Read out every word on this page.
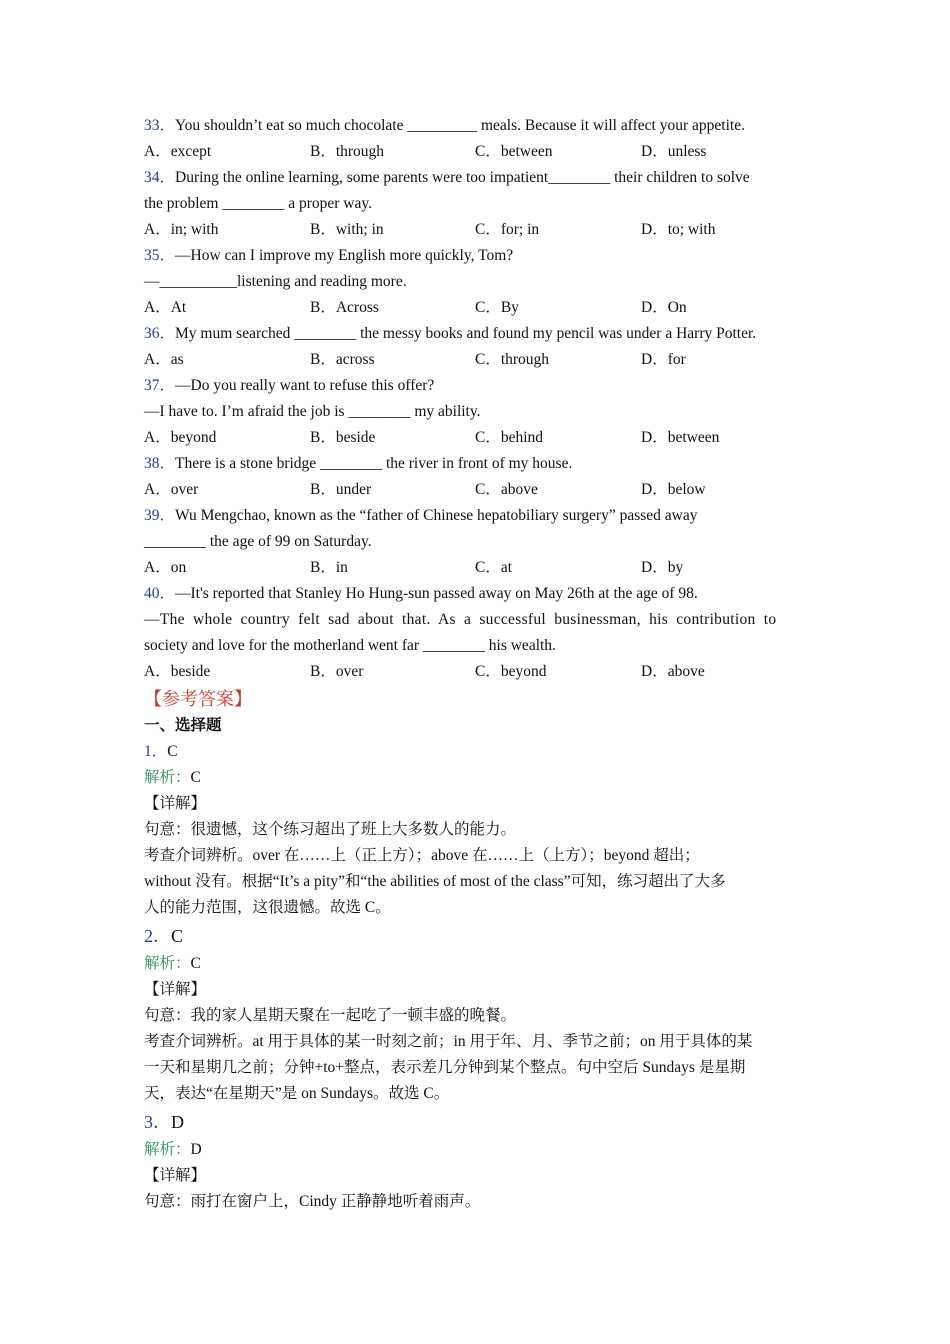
33．You shouldn’t eat so much chocolate _________ meals. Because it will affect your appetite.
A．except	B．through	C．between	D．unless
34．During the online learning, some parents were too impatient________ their children to solve
the problem ________ a proper way.
A．in; with	B．with; in	C．for; in	D．to; with
35．—How can I improve my English more quickly, Tom?
—__________listening and reading more.
A．At	B．Across	C．By	D．On
36．My mum searched ________ the messy books and found my pencil was under a Harry Potter.
A．as	B．across	C．through	D．for
37．—Do you really want to refuse this offer?
—I have to. I’m afraid the job is ________ my ability.
A．beyond	B．beside	C．behind	D．between
38．There is a stone bridge ________ the river in front of my house.
A．over	B．under	C．above	D．below
39．Wu Mengchao, known as the “father of Chinese hepatobiliary surgery” passed away
________ the age of 99 on Saturday.
A．on	B．in	C．at	D．by
40．—It's reported that Stanley Ho Hung-sun passed away on May 26th at the age of 98.
—The whole country felt sad about that. As a successful businessman, his contribution to
society and love for the motherland went far ________ his wealth.
A．beside	B．over	C．beyond	D．above
【参考答案】
一、选择题
1．C
解析：C
【详解】
句意：很遗憾，这个练习超出了班上大多数人的能力。
考查介词辨析。over 在……上（正上方）；above 在……上（上方）；beyond 超出；
without 没有。根据“It’s a pity”和“the abilities of most of the class”可知，练习超出了大多
人的能力范围，这很遗憾。故选 C。
2．C
解析：C
【详解】
句意：我的家人星期天聚在一起吃了一顿丰盛的晚餐。
考查介词辨析。at 用于具体的某一时刻之前；in 用于年、月、季节之前；on 用于具体的某
一天和星期几之前；分钟+to+整点，表示差几分钟到某个整点。句中空后 Sundays 是星期
天，表达“在星期天”是 on Sundays。故选 C。
3．D
解析：D
【详解】
句意：雨打在窗户上，Cindy 正静静地听着雨声。
